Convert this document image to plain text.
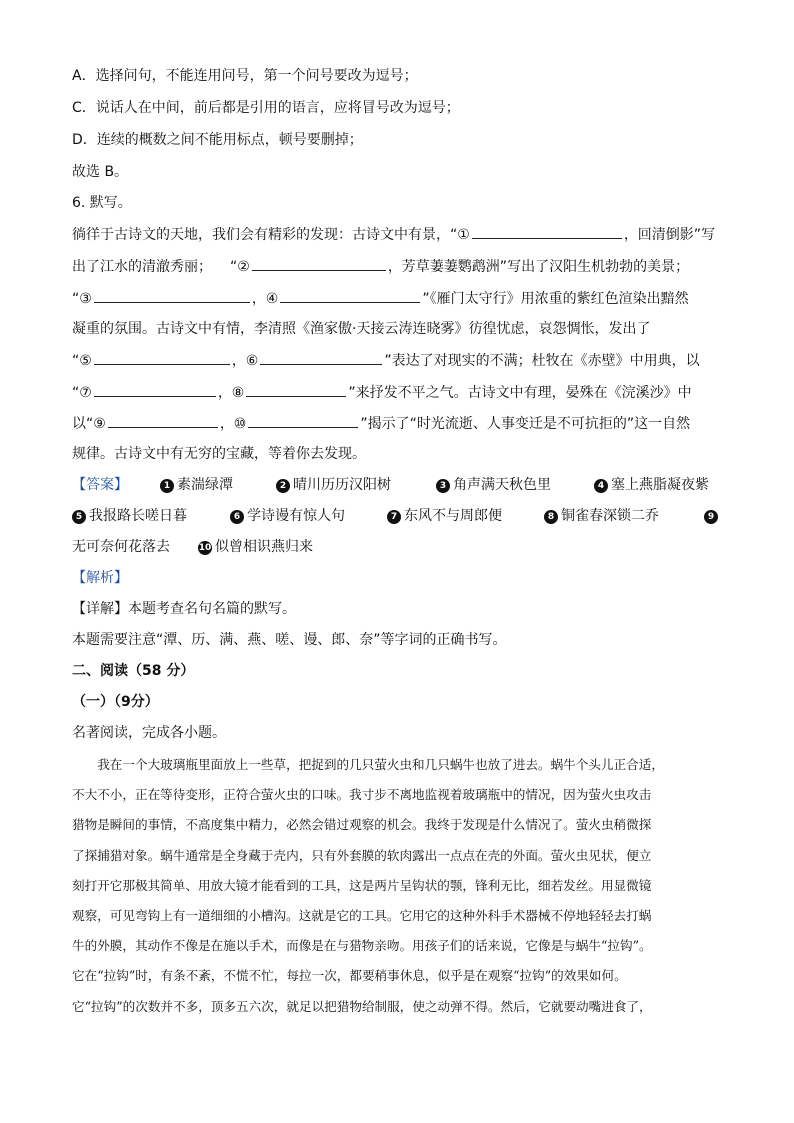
A．选择问句，不能连用问号，第一个问号要改为逗号；
C．说话人在中间，前后都是引用的语言，应将冒号改为逗号；
D．连续的概数之间不能用标点，顿号要删掉；
故选 B。
6. 默写。
徜徉于古诗文的天地，我们会有精彩的发现：古诗文中有景，“①	，回清倒影”写
出了江水的清澈秀丽； “②	，芳草萋萋鹦鹉洲”写出了汉阳生机勃勃的美景；
“③	，④	”《雁门太守行》用浓重的紫红色渲染出黯然
凝重的氛围。古诗文中有情，李清照《渔家傲·天接云涛连晓雾》彷徨忧虑，哀怨惆怅，发出了
“⑤	，⑥	”表达了对现实的不满；杜牧在《赤壁》中用典，以
“⑦	，⑧	”来抒发不平之气。古诗文中有理，晏殊在《浣溪沙》中
以“⑨	，⑩	”揭示了“时光流逝、人事变迁是不可抗拒的”这一自然
规律。古诗文中有无穷的宝藏，等着你去发现。
【答案】	1 素湍绿潭	2 晴川历历汉阳树	3 角声满天秋色里	4 塞上燕脂凝夜紫
5 我报路长嗟日暮	6 学诗谩有惊人句	7 东风不与周郎便	8 铜雀春深锁二乔	9
无可奈何花落去	10 似曾相识燕归来
【解析】
【详解】本题考查名句名篇的默写。
本题需要注意“潭、历、满、燕、嗟、谩、郎、奈”等字词的正确书写。
二、阅读（58 分）
（一）（9分）
名著阅读，完成各小题。
　　我在一个大玻璃瓶里面放上一些草，把捉到的几只萤火虫和几只蜗牛也放了进去。蜗牛个头儿正合适，
不大不小，正在等待变形，正符合萤火虫的口味。我寸步不离地监视着玻璃瓶中的情况，因为萤火虫攻击
猎物是瞬间的事情，不高度集中精力，必然会错过观察的机会。我终于发现是什么情况了。萤火虫稍微探
了探捕猎对象。蜗牛通常是全身藏于壳内，只有外套膜的软肉露出一点点在壳的外面。萤火虫见状，便立
刻打开它那极其简单、用放大镜才能看到的工具，这是两片呈钩状的颚，锋利无比，细若发丝。用显微镜
观察，可见弯钩上有一道细细的小槽沟。这就是它的工具。它用它的这种外科手术器械不停地轻轻去打蜗
牛的外膜，其动作不像是在施以手术，而像是在与猎物亲吻。用孩子们的话来说，它像是与蜗牛“拉钩”。
它在“拉钩”时，有条不紊，不慌不忙，每拉一次，都要稍事休息，似乎是在观察“拉钩”的效果如何。
它“拉钩”的次数并不多，顶多五六次，就足以把猎物给制服，使之动弹不得。然后，它就要动嘴进食了，
